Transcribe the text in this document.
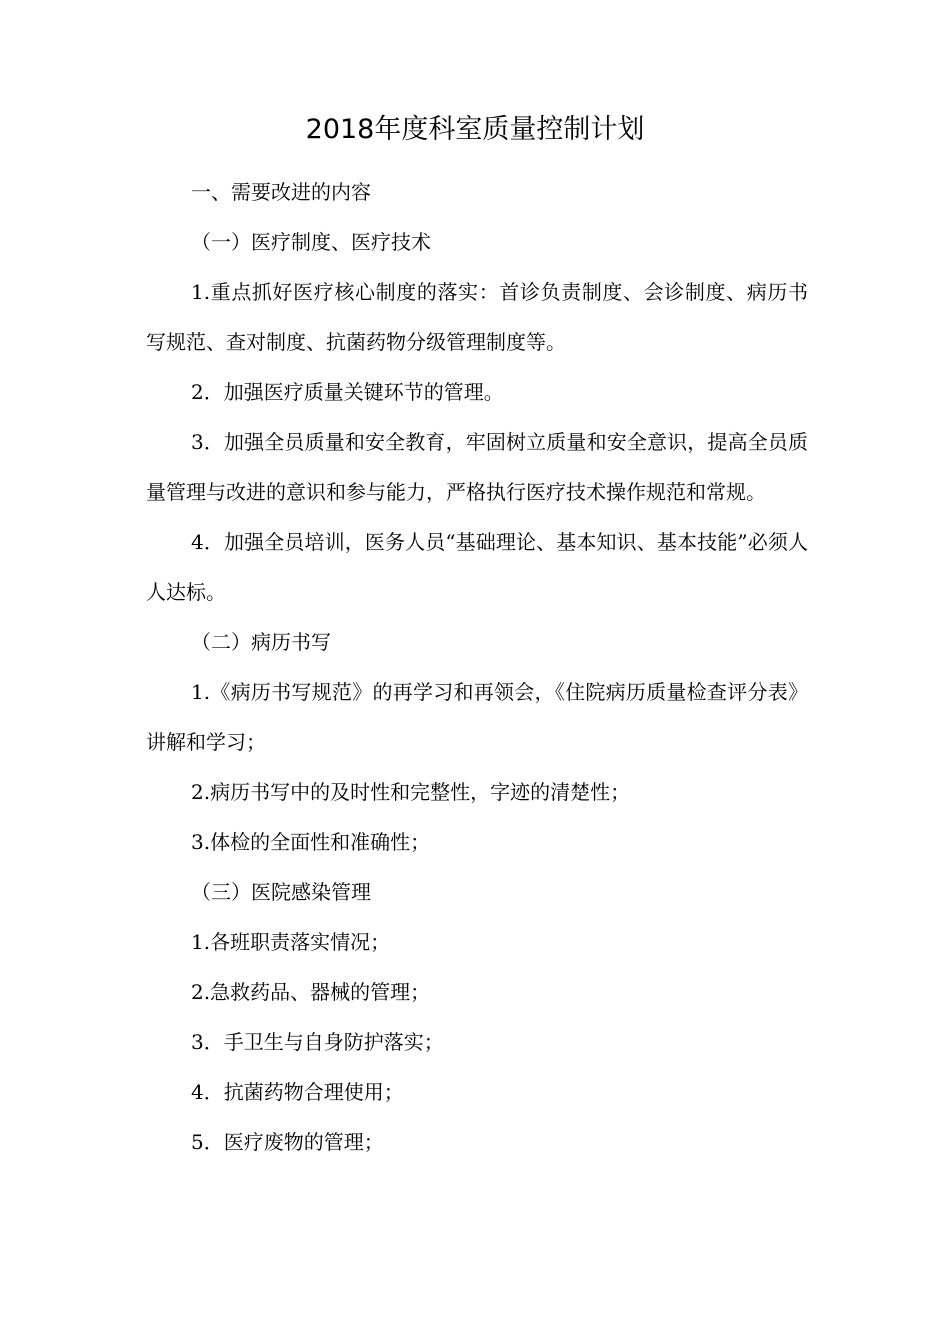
2018年度科室质量控制计划

一、需要改进的内容

（一）医疗制度、医疗技术

1.重点抓好医疗核心制度的落实：首诊负责制度、会诊制度、病历书写规范、查对制度、抗菌药物分级管理制度等。

2．加强医疗质量关键环节的管理。

3．加强全员质量和安全教育，牢固树立质量和安全意识，提高全员质量管理与改进的意识和参与能力，严格执行医疗技术操作规范和常规。

4．加强全员培训，医务人员“基础理论、基本知识、基本技能”必须人人达标。

（二）病历书写

1.《病历书写规范》的再学习和再领会，《住院病历质量检查评分表》讲解和学习；

2.病历书写中的及时性和完整性，字迹的清楚性；

3.体检的全面性和准确性；

（三）医院感染管理

1.各班职责落实情况；

2.急救药品、器械的管理；

3．手卫生与自身防护落实；

4．抗菌药物合理使用；

5．医疗废物的管理；
